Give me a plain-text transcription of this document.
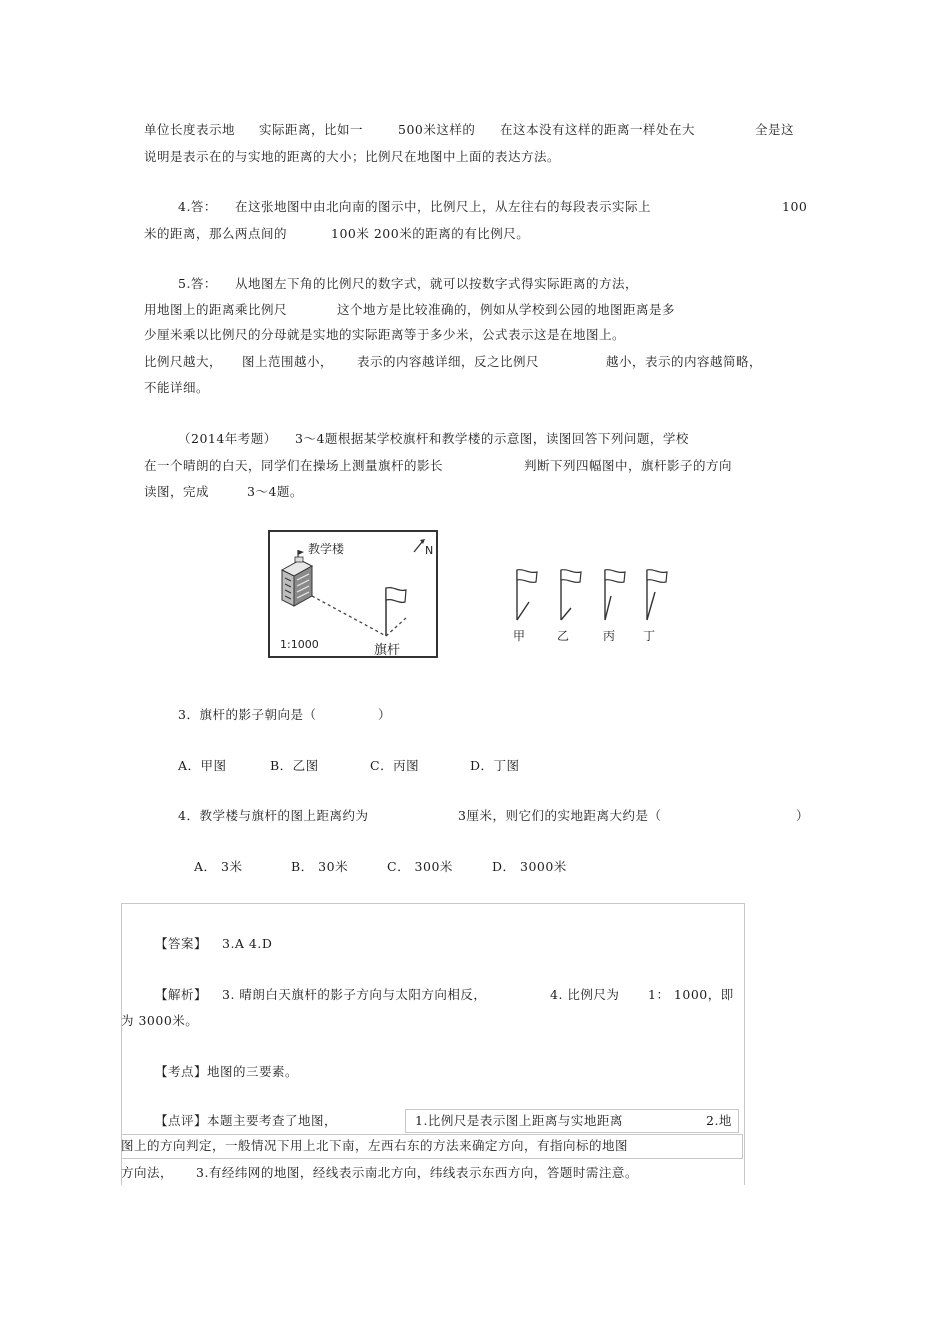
单位长度表示地 实际距离，比如一	500米这样的 在这本没有这样的距离一样处在大	全是这
说明是表示在的与实地的距离的大小；比例尺在地图中上面的表达方法。
4.答： 在这张地图中由北向南的图示中，比例尺上，从左往右的每段表示实际上	100
米的距离，那么两点间的	100米 200米的距离的有比例尺。
5.答： 从地图左下角的比例尺的数字式，就可以按数字式得实际距离的方法，
用地图上的距离乘比例尺	这个地方是比较准确的，例如从学校到公园的地图距离是多
少厘米乘以比例尺的分母就是实地的实际距离等于多少米，公式表示这是在地图上。
比例尺越大， 图上范围越小， 表示的内容越详细，反之比例尺	越小，表示的内容越简略，
不能详细。
（2014年考题） 3～4题根据某学校旗杆和教学楼的示意图，读图回答下列问题，学校
在一个晴朗的白天，同学们在操场上测量旗杆的影长	判断下列四幅图中，旗杆影子的方向
读图，完成	3～4题。
教学楼	N
1:1000	旗杆
甲	乙	丙 丁
3．旗杆的影子朝向是（	）
A．甲图	B．乙图	C．丙图	D．丁图
4．教学楼与旗杆的图上距离约为	3厘米，则它们的实地距离大约是（	）
A． 3米	B． 30米	C． 300米	D． 3000米
【答案】 3.A 4.D
【解析】 3. 晴朗白天旗杆的影子方向与太阳方向相反，	4. 比例尺为 1： 1000，即
为 3000米。
【考点】地图的三要素。
【点评】本题主要考查了地图，	1.比例尺是表示图上距离与实地距离	2.地
图上的方向判定，一般情况下用上北下南，左西右东的方法来确定方向，有指向标的地图
方向法， 3.有经纬网的地图，经线表示南北方向，纬线表示东西方向，答题时需注意。
